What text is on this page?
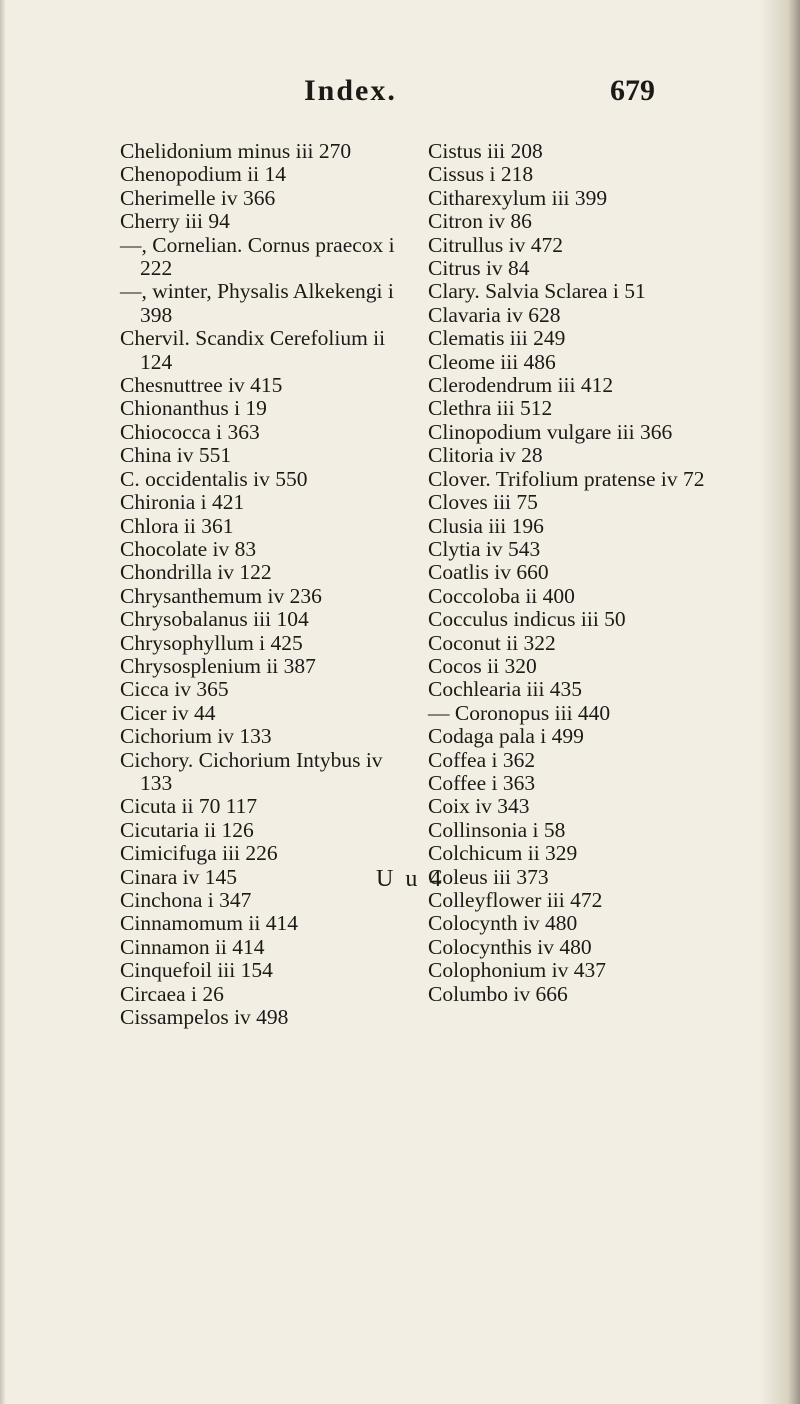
Index.	679
Chelidonium minus iii 270
Chenopodium ii 14
Cherimelle iv 366
Cherry iii 94
—, Cornelian. Cornus praecox i 222
—, winter, Physalis Alkekengi i 398
Chervil. Scandix Cerefolium ii 124
Chesnuttree iv 415
Chionanthus i 19
Chiococca i 363
China iv 551
C. occidentalis iv 550
Chironia i 421
Chlora ii 361
Chocolate iv 83
Chondrilla iv 122
Chrysanthemum iv 236
Chrysobalanus iii 104
Chrysophyllum i 425
Chrysosplenium ii 387
Cicca iv 365
Cicer iv 44
Cichorium iv 133
Cichory. Cichorium Intybus iv 133
Cicuta ii 70 117
Cicutaria ii 126
Cimicifuga iii 226
Cinara iv 145
Cinchona i 347
Cinnamomum ii 414
Cinnamon ii 414
Cinquefoil iii 154
Circaea i 26
Cissampelos iv 498
Cistus iii 208
Cissus i 218
Citharexylum iii 399
Citron iv 86
Citrullus iv 472
Citrus iv 84
Clary. Salvia Sclarea i 51
Clavaria iv 628
Clematis iii 249
Cleome iii 486
Clerodendrum iii 412
Clethra iii 512
Clinopodium vulgare iii 366
Clitoria iv 28
Clover. Trifolium pratense iv 72
Cloves iii 75
Clusia iii 196
Clytia iv 543
Coatlis iv 660
Coccoloba ii 400
Cocculus indicus iii 50
Coconut ii 322
Cocos ii 320
Cochlearia iii 435
— Coronopus iii 440
Codaga pala i 499
Coffea i 362
Coffee i 363
Coix iv 343
Collinsonia i 58
Colchicum ii 329
Coleus iii 373
Colleyflower iii 472
Colocynth iv 480
Colocynthis iv 480
Colophonium iv 437
Columbo iv 666
U u 4
